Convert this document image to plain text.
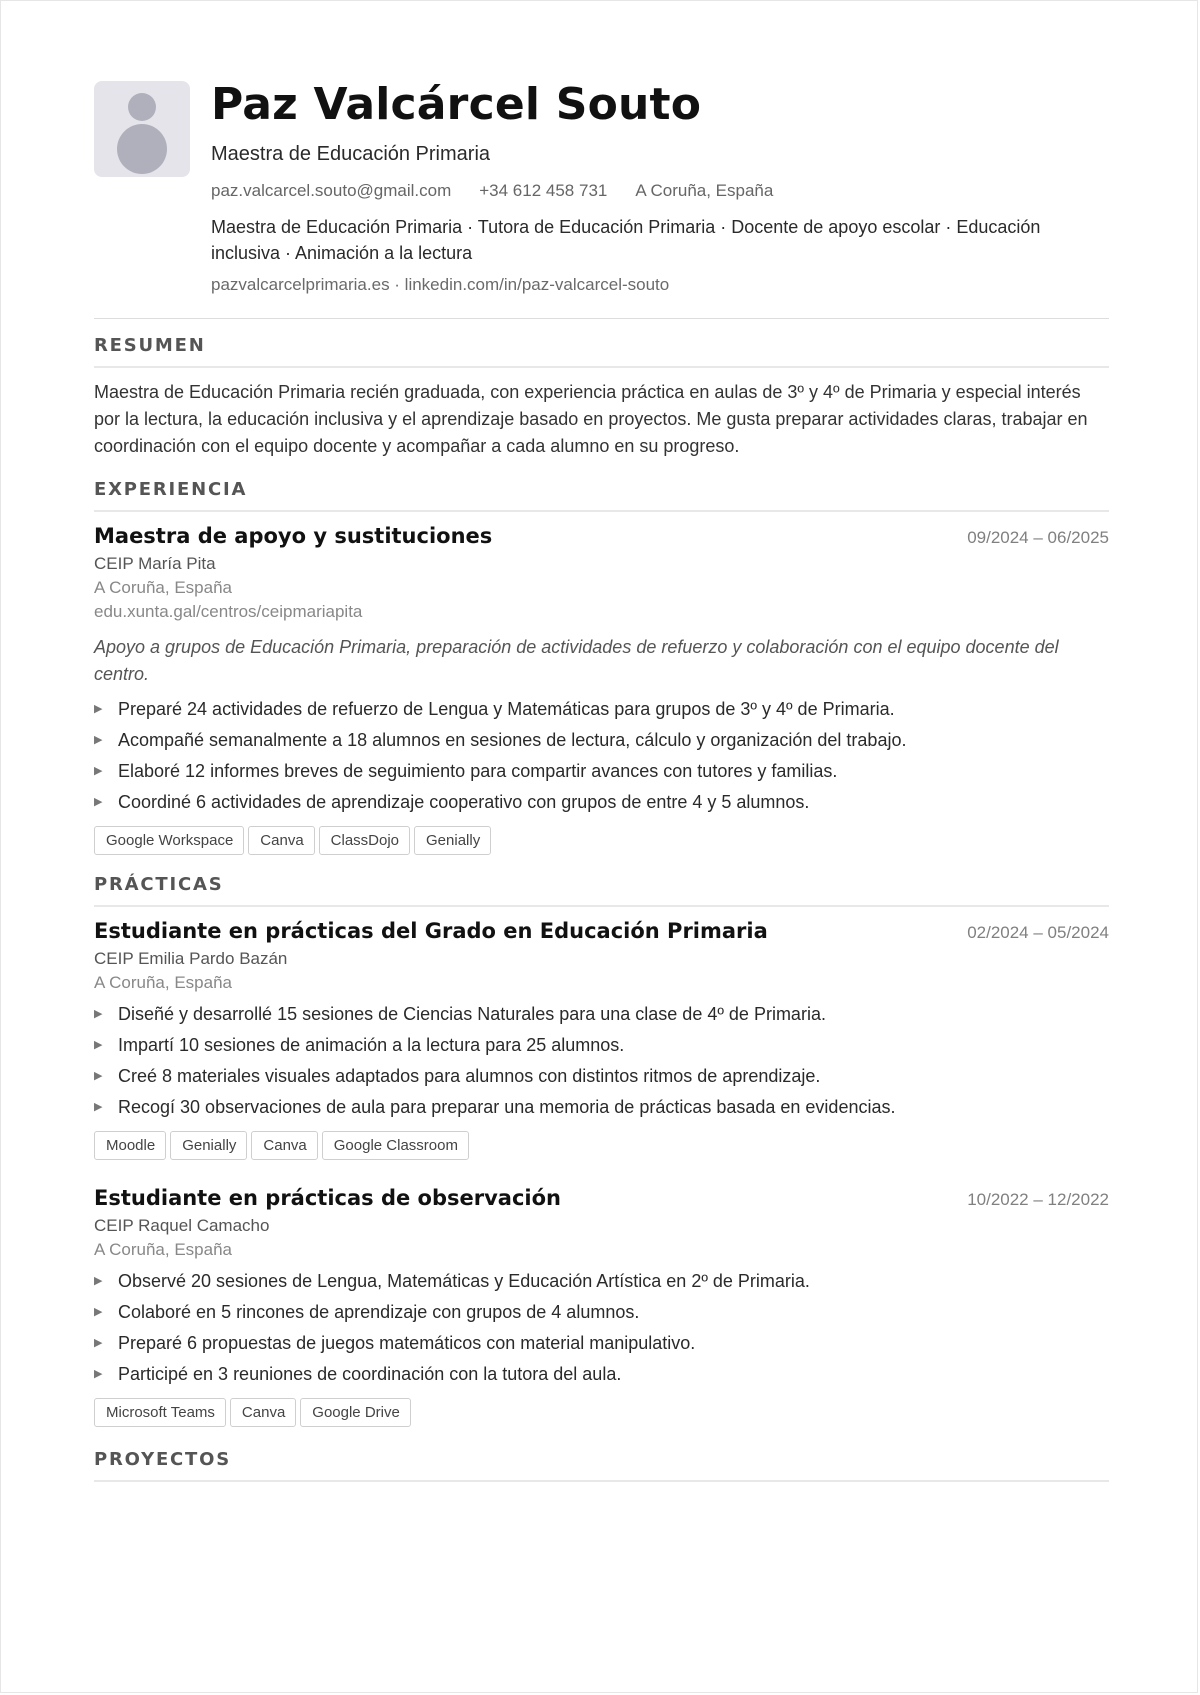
Paz Valcárcel Souto
Maestra de Educación Primaria
paz.valcarcel.souto@gmail.com +34 612 458 731 A Coruña, España
Maestra de Educación Primaria · Tutora de Educación Primaria · Docente de apoyo escolar · Educación inclusiva · Animación a la lectura
pazvalcarcelprimaria.es · linkedin.com/in/paz-valcarcel-souto
RESUMEN
Maestra de Educación Primaria recién graduada, con experiencia práctica en aulas de 3º y 4º de Primaria y especial interés por la lectura, la educación inclusiva y el aprendizaje basado en proyectos. Me gusta preparar actividades claras, trabajar en coordinación con el equipo docente y acompañar a cada alumno en su progreso.
EXPERIENCIA
Maestra de apoyo y sustituciones	09/2024 – 06/2025
CEIP María Pita
A Coruña, España
edu.xunta.gal/centros/ceipmariapita
Apoyo a grupos de Educación Primaria, preparación de actividades de refuerzo y colaboración con el equipo docente del centro.
▶ Preparé 24 actividades de refuerzo de Lengua y Matemáticas para grupos de 3º y 4º de Primaria.
▶ Acompañé semanalmente a 18 alumnos en sesiones de lectura, cálculo y organización del trabajo.
▶ Elaboré 12 informes breves de seguimiento para compartir avances con tutores y familias.
▶ Coordiné 6 actividades de aprendizaje cooperativo con grupos de entre 4 y 5 alumnos.
Google Workspace	Canva	ClassDojo	Genially
PRÁCTICAS
Estudiante en prácticas del Grado en Educación Primaria	02/2024 – 05/2024
CEIP Emilia Pardo Bazán
A Coruña, España
▶ Diseñé y desarrollé 15 sesiones de Ciencias Naturales para una clase de 4º de Primaria.
▶ Impartí 10 sesiones de animación a la lectura para 25 alumnos.
▶ Creé 8 materiales visuales adaptados para alumnos con distintos ritmos de aprendizaje.
▶ Recogí 30 observaciones de aula para preparar una memoria de prácticas basada en evidencias.
Moodle	Genially	Canva	Google Classroom
Estudiante en prácticas de observación	10/2022 – 12/2022
CEIP Raquel Camacho
A Coruña, España
▶ Observé 20 sesiones de Lengua, Matemáticas y Educación Artística en 2º de Primaria.
▶ Colaboré en 5 rincones de aprendizaje con grupos de 4 alumnos.
▶ Preparé 6 propuestas de juegos matemáticos con material manipulativo.
▶ Participé en 3 reuniones de coordinación con la tutora del aula.
Microsoft Teams	Canva	Google Drive
PROYECTOS
